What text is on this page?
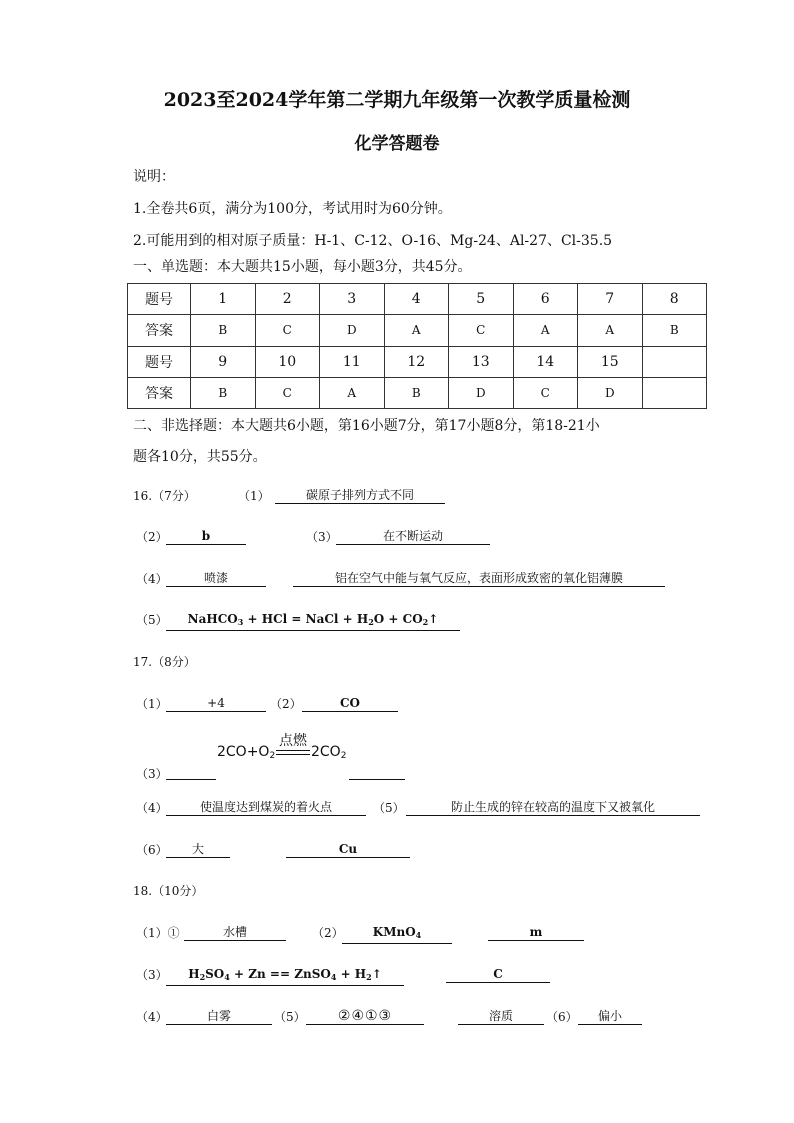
2023至2024学年第二学期九年级第一次教学质量检测
化学答题卷
说明：
1.全卷共6页，满分为100分，考试用时为60分钟。
2.可能用到的相对原子质量：H-1、C-12、O-16、Mg-24、Al-27、Cl-35.5
一、单选题：本大题共15小题，每小题3分，共45分。
题号	1	2	3	4	5	6	7	8
答案	B	C	D	A	C	A	A	B
题号	9	10	11	12	13	14	15	
答案	B	C	A	B	D	C	D	
二、非选择题：本大题共6小题，第16小题7分，第17小题8分，第18-21小
题各10分，共55分。
16.（7分）	（1）	碳原子排列方式不同
（2）	b	（3）	在不断运动
（4）	喷漆	铝在空气中能与氧气反应，表面形成致密的氧化铝薄膜
（5）	NaHCO$_3$ + HCl = NaCl + $H_2O$ + $CO_2↑$
17.（8分）
（1）	+4	（2）	CO
$2CO+O_2$
点燃
$2CO_2$
（3）
（4）	使温度达到煤炭的着火点	（5）	防止生成的锌在较高的温度下又被氧化
（6）	大	Cu
18.（10分）
（1）①	水槽	（2）	KMnO$_4$	m
（3）	$H_2SO_4 + Zn$ == ZnSO$_4$ + $H_2↑$	C
（4）	白雾	（5）	②④①③	溶质	（6）	偏小
